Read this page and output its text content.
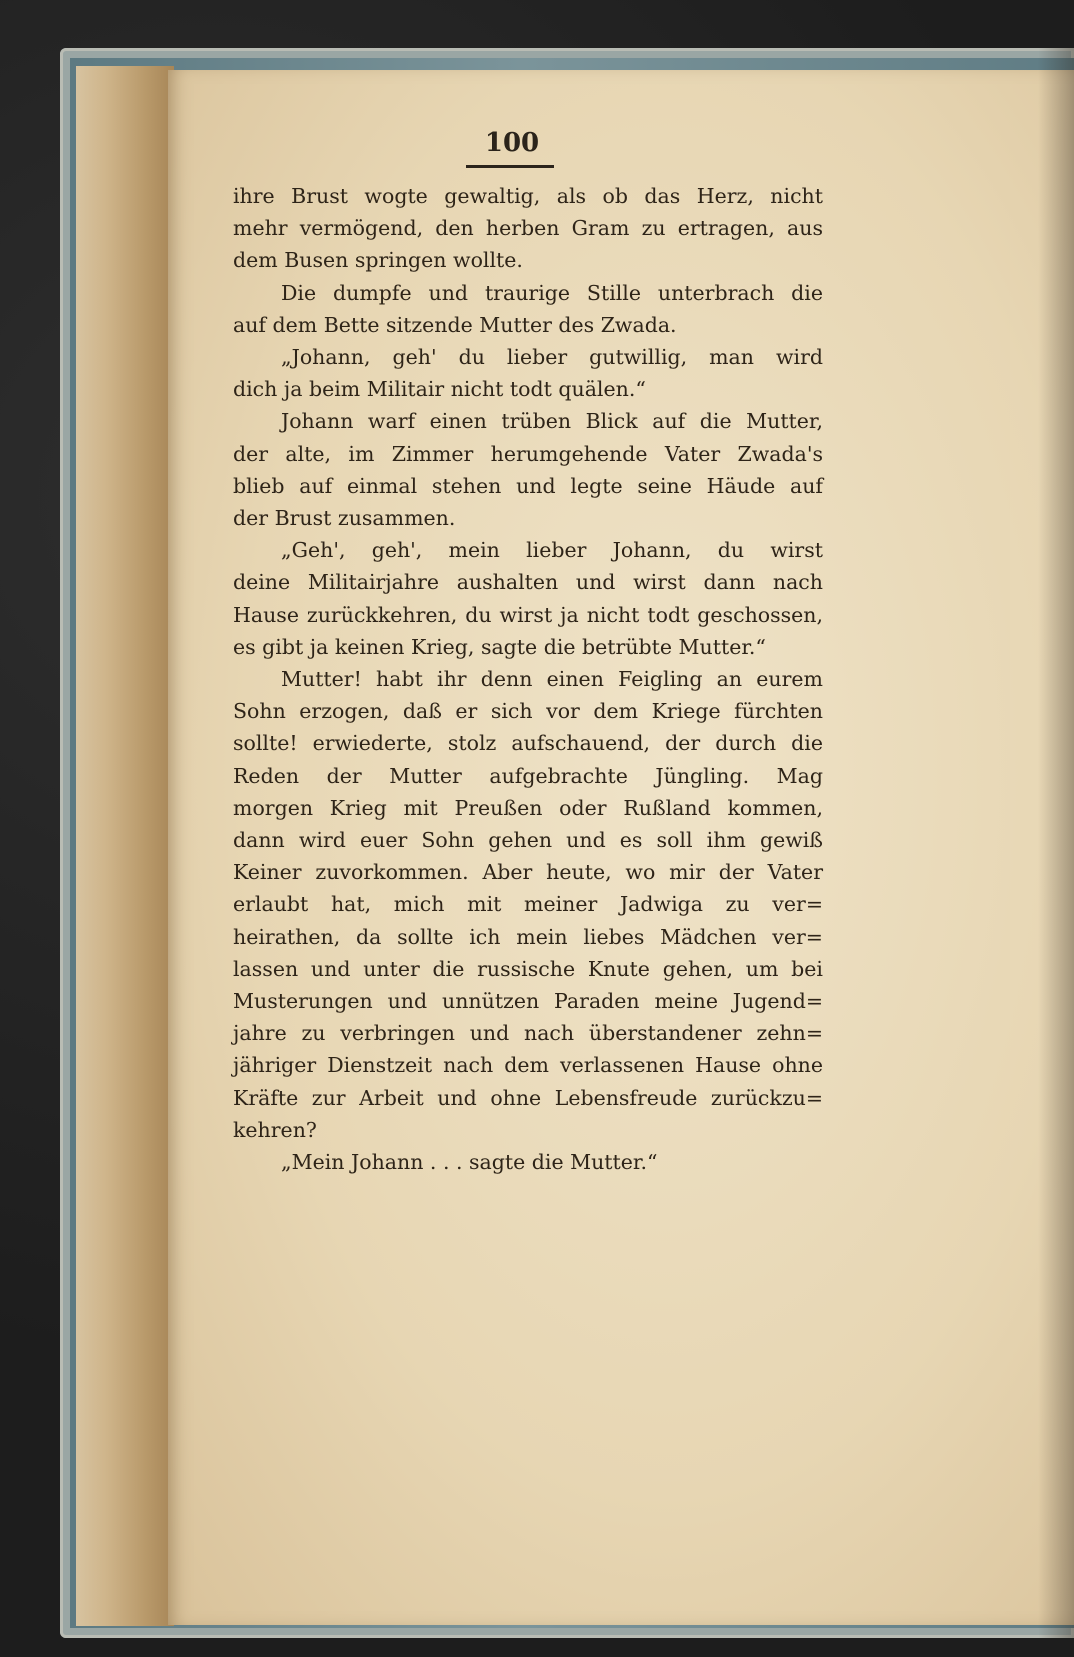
100
ihre Brust wogte gewaltig, als ob das Herz, nicht
mehr vermögend, den herben Gram zu ertragen, aus
dem Busen springen wollte.
Die dumpfe und traurige Stille unterbrach die
auf dem Bette sitzende Mutter des Zwada.
„Johann, geh' du lieber gutwillig, man wird
dich ja beim Militair nicht todt quälen.“
Johann warf einen trüben Blick auf die Mutter,
der alte, im Zimmer herumgehende Vater Zwada's
blieb auf einmal stehen und legte seine Häude auf
der Brust zusammen.
„Geh', geh', mein lieber Johann, du wirst
deine Militairjahre aushalten und wirst dann nach
Hause zurückkehren, du wirst ja nicht todt geschossen,
es gibt ja keinen Krieg, sagte die betrübte Mutter.“
Mutter! habt ihr denn einen Feigling an eurem
Sohn erzogen, daß er sich vor dem Kriege fürchten
sollte! erwiederte, stolz aufschauend, der durch die
Reden der Mutter aufgebrachte Jüngling. Mag
morgen Krieg mit Preußen oder Rußland kommen,
dann wird euer Sohn gehen und es soll ihm gewiß
Keiner zuvorkommen. Aber heute, wo mir der Vater
erlaubt hat, mich mit meiner Jadwiga zu ver=
heirathen, da sollte ich mein liebes Mädchen ver=
lassen und unter die russische Knute gehen, um bei
Musterungen und unnützen Paraden meine Jugend=
jahre zu verbringen und nach überstandener zehn=
jähriger Dienstzeit nach dem verlassenen Hause ohne
Kräfte zur Arbeit und ohne Lebensfreude zurückzu=
kehren?
„Mein Johann . . . sagte die Mutter.“
